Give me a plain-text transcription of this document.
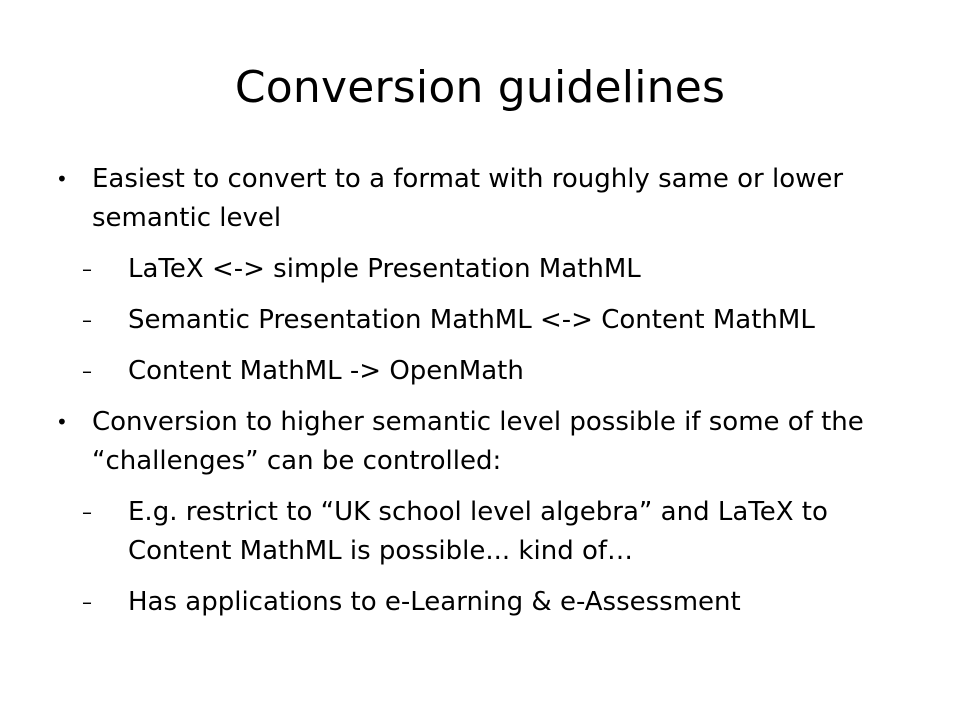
Conversion guidelines
• Easiest to convert to a format with roughly same or lower semantic level
–	LaTeX <-> simple Presentation MathML
–	Semantic Presentation MathML <-> Content MathML
–	Content MathML -> OpenMath
• Conversion to higher semantic level possible if some of the “challenges” can be controlled:
–	E.g. restrict to “UK school level algebra” and LaTeX to Content MathML is possible... kind of…
–	Has applications to e-Learning & e-Assessment
